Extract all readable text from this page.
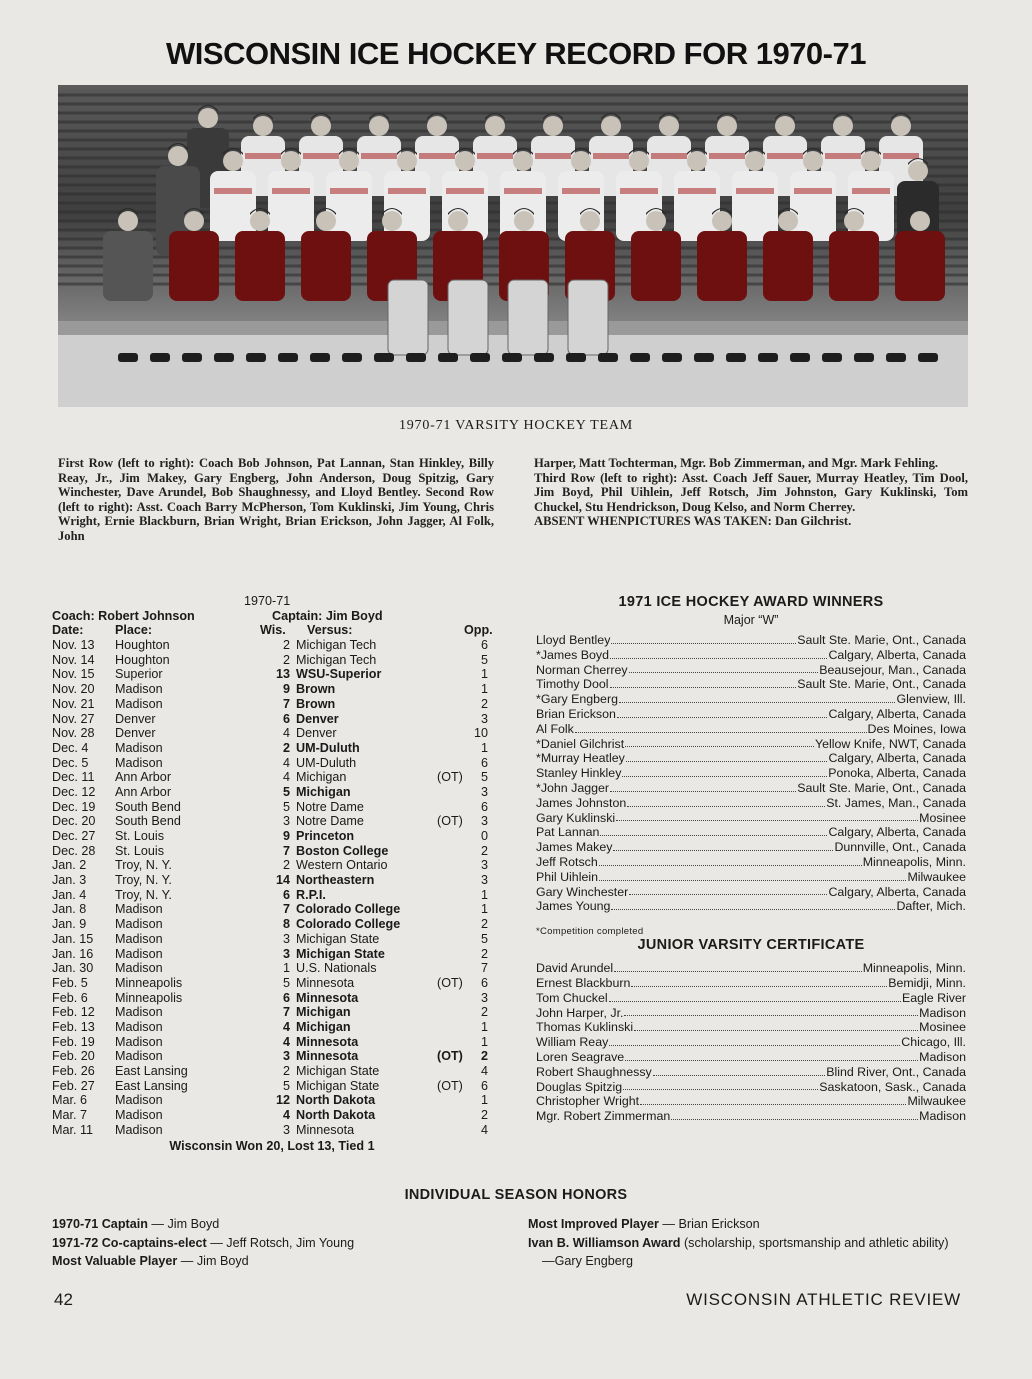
WISCONSIN ICE HOCKEY RECORD FOR 1970-71
1970-71 VARSITY HOCKEY TEAM

First Row (left to right): Coach Bob Johnson, Pat Lannan, Stan Hinkley, Billy Reay, Jr., Jim Makey, Gary Engberg, John Anderson, Doug Spitzig, Gary Winchester, Dave Arundel, Bob Shaughnessy, and Lloyd Bentley. Second Row (left to right): Asst. Coach Barry McPherson, Tom Kuklinski, Jim Young, Chris Wright, Ernie Blackburn, Brian Wright, Brian Erickson, John Jagger, Al Folk, John

Harper, Matt Tochterman, Mgr. Bob Zimmerman, and Mgr. Mark Fehling.

Third Row (left to right): Asst. Coach Jeff Sauer, Murray Heatley, Tim Dool, Jim Boyd, Phil Uihlein, Jeff Rotsch, Jim Johnston, Gary Kuklinski, Tom Chuckel, Stu Hendrickson, Doug Kelso, and Norm Cherrey.

ABSENT WHENPICTURES WAS TAKEN: Dan Gilchrist.

1970-71
Coach: Robert Johnson	Captain: Jim Boyd
Date:	Place:	Wis. Versus:	Opp.
Nov. 13 Houghton	2 Michigan Tech	6
Nov. 14 Houghton	2 Michigan Tech	5
Nov. 15 Superior	13 WSU-Superior	1
Nov. 20 Madison	9 Brown	1
Nov. 21 Madison	7 Brown	2
Nov. 27 Denver	6 Denver	3
Nov. 28 Denver	4 Denver	10
Dec. 4 Madison	2 UM-Duluth	1
Dec. 5 Madison	4 UM-Duluth	6
Dec. 11 Ann Arbor	4 Michigan	(OT)	5
Dec. 12 Ann Arbor	5 Michigan	3
Dec. 19 South Bend	5 Notre Dame	6
Dec. 20 South Bend	3 Notre Dame	(OT)	3
Dec. 27 St. Louis	9 Princeton	0
Dec. 28 St. Louis	7 Boston College	2
Jan. 2 Troy, N. Y.	2 Western Ontario	3
Jan. 3 Troy, N. Y.	14 Northeastern	3
Jan. 4 Troy, N. Y.	6 R.P.I.	1
Jan. 8 Madison	7 Colorado College	1
Jan. 9 Madison	8 Colorado College	2
Jan. 15 Madison	3 Michigan State	5
Jan. 16 Madison	3 Michigan State	2
Jan. 30 Madison	1 U.S. Nationals	7
Feb. 5 Minneapolis	5 Minnesota	(OT)	6
Feb. 6 Minneapolis	6 Minnesota	3
Feb. 12 Madison	7 Michigan	2
Feb. 13 Madison	4 Michigan	1
Feb. 19 Madison	4 Minnesota	1
Feb. 20 Madison	3 Minnesota	(OT)	2
Feb. 26 East Lansing	2 Michigan State	4
Feb. 27 East Lansing	5 Michigan State	(OT)	6
Mar. 6 Madison	12 North Dakota	1
Mar. 7 Madison	4 North Dakota	2
Mar. 11 Madison	3 Minnesota	4
Wisconsin Won 20, Lost 13, Tied 1
1971 ICE HOCKEY AWARD WINNERS
Major “W”
Lloyd Bentley	Sault Ste. Marie, Ont., Canada
*James Boyd	Calgary, Alberta, Canada
Norman Cherrey	Beausejour, Man., Canada
Timothy Dool	Sault Ste. Marie, Ont., Canada
*Gary Engberg	Glenview, Ill.
Brian Erickson	Calgary, Alberta, Canada
Al Folk	Des Moines, Iowa
*Daniel Gilchrist	Yellow Knife, NWT, Canada
*Murray Heatley	Calgary, Alberta, Canada
Stanley Hinkley	Ponoka, Alberta, Canada
*John Jagger	Sault Ste. Marie, Ont., Canada
James Johnston	St. James, Man., Canada
Gary Kuklinski	Mosinee
Pat Lannan	Calgary, Alberta, Canada
James Makey	Dunnville, Ont., Canada
Jeff Rotsch	Minneapolis, Minn.
Phil Uihlein	Milwaukee
Gary Winchester	Calgary, Alberta, Canada
James Young	Dafter, Mich.
*Competition completed
JUNIOR VARSITY CERTIFICATE
David Arundel	Minneapolis, Minn.
Ernest Blackburn	Bemidji, Minn.
Tom Chuckel	Eagle River
John Harper, Jr.	Madison
Thomas Kuklinski	Mosinee
William Reay	Chicago, Ill.
Loren Seagrave	Madison
Robert Shaughnessy	Blind River, Ont., Canada
Douglas Spitzig	Saskatoon, Sask., Canada
Christopher Wright	Milwaukee
Mgr. Robert Zimmerman	Madison
INDIVIDUAL SEASON HONORS
1970-71 Captain — Jim Boyd
1971-72 Co-captains-elect — Jeff Rotsch, Jim Young
Most Valuable Player — Jim Boyd
Most Improved Player — Brian Erickson
Ivan B. Williamson Award (scholarship, sportsmanship and athletic ability)
—Gary Engberg
42	WISCONSIN ATHLETIC REVIEW
